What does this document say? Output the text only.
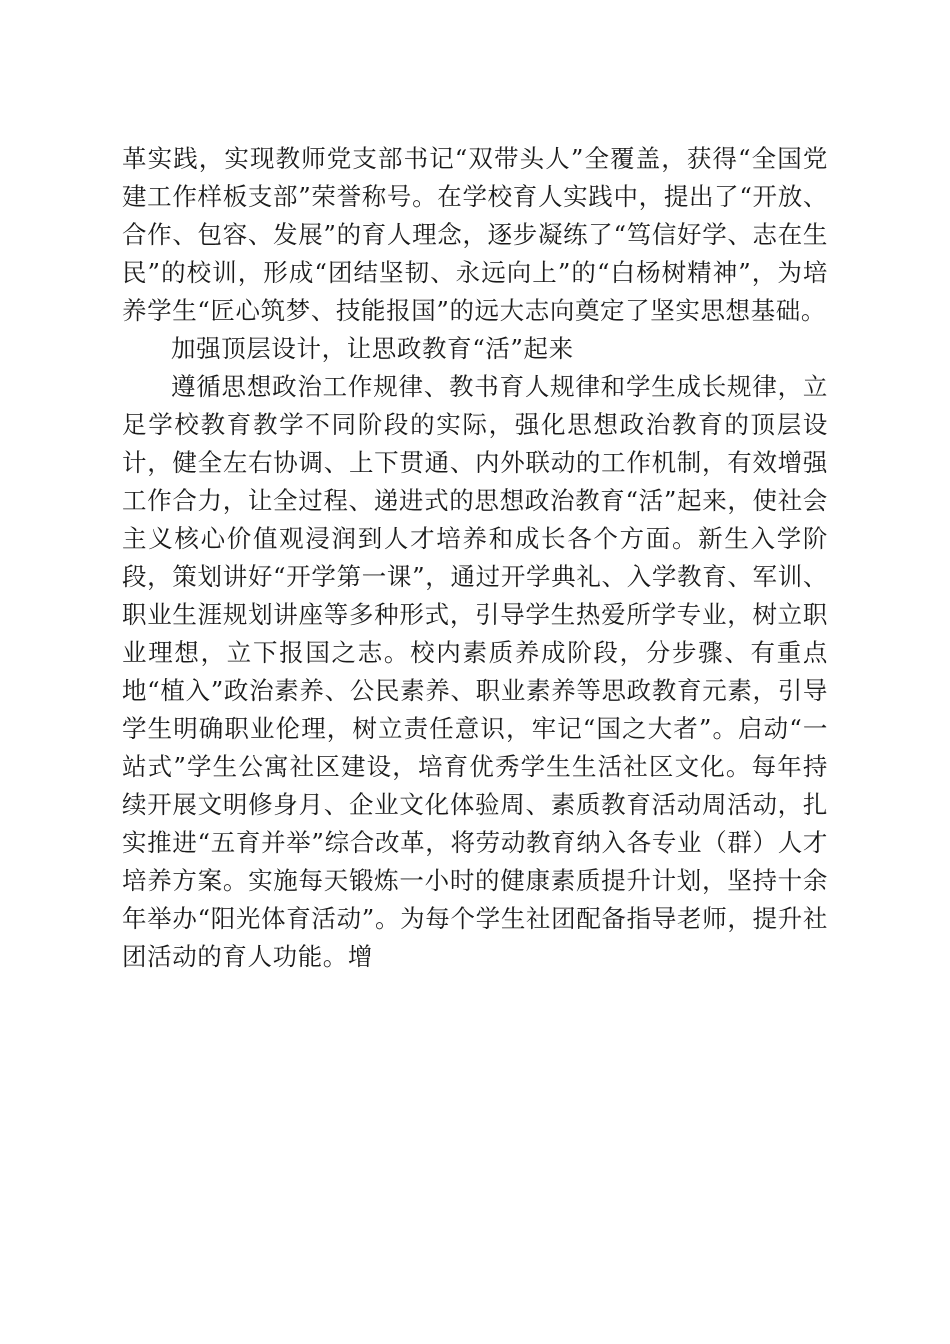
革实践，实现教师党支部书记“双带头人”全覆盖，获得“全国党建工作样板支部”荣誉称号。在学校育人实践中，提出了“开放、合作、包容、发展”的育人理念，逐步凝练了“笃信好学、志在生民”的校训，形成“团结坚韧、永远向上”的“白杨树精神”，为培养学生“匠心筑梦、技能报国”的远大志向奠定了坚实思想基础。

加强顶层设计，让思政教育“活”起来

遵循思想政治工作规律、教书育人规律和学生成长规律，立足学校教育教学不同阶段的实际，强化思想政治教育的顶层设计，健全左右协调、上下贯通、内外联动的工作机制，有效增强工作合力，让全过程、递进式的思想政治教育“活”起来，使社会主义核心价值观浸润到人才培养和成长各个方面。新生入学阶段，策划讲好“开学第一课”，通过开学典礼、入学教育、军训、职业生涯规划讲座等多种形式，引导学生热爱所学专业，树立职业理想，立下报国之志。校内素质养成阶段，分步骤、有重点地“植入”政治素养、公民素养、职业素养等思政教育元素，引导学生明确职业伦理，树立责任意识，牢记“国之大者”。启动“一站式”学生公寓社区建设，培育优秀学生生活社区文化。每年持续开展文明修身月、企业文化体验周、素质教育活动周活动，扎实推进“五育并举”综合改革，将劳动教育纳入各专业（群）人才培养方案。实施每天锻炼一小时的健康素质提升计划，坚持十余年举办“阳光体育活动”。为每个学生社团配备指导老师，提升社团活动的育人功能。增
